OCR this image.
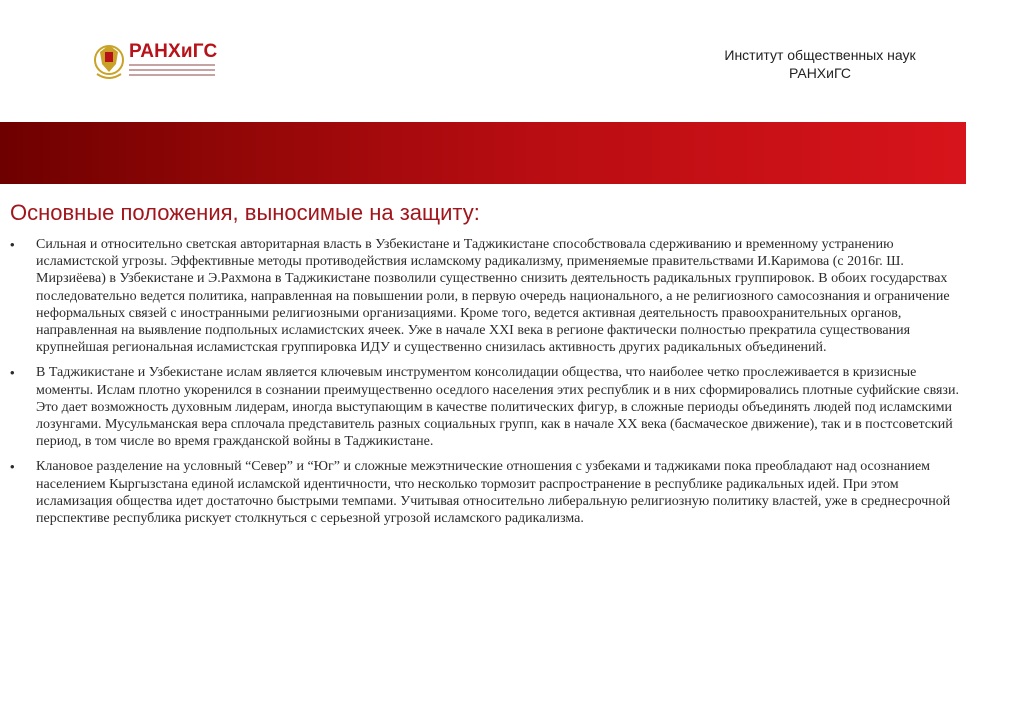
РАНХиГС	Институт общественных наук
РАНХиГС
Основные положения, выносимые на защиту:
• Сильная и относительно светская авторитарная власть в Узбекистане и Таджикистане способствовала сдерживанию и временному устранению исламистской угрозы. Эффективные методы противодействия исламскому радикализму, применяемые правительствами И.Каримова (с 2016г. Ш. Мирзиёева) в Узбекистане и Э.Рахмона в Таджикистане позволили существенно снизить деятельность радикальных группировок. В обоих государствах последовательно ведется политика, направленная на повышении роли, в первую очередь национального, а не религиозного самосознания и ограничение неформальных связей с иностранными религиозными организациями. Кроме того, ведется активная деятельность правоохранительных органов, направленная на выявление подпольных исламистских ячеек. Уже в начале XXI века в регионе фактически полностью прекратила существования крупнейшая региональная исламистская группировка ИДУ и существенно снизилась активность других радикальных объединений.
• В Таджикистане и Узбекистане ислам является ключевым инструментом консолидации общества, что наиболее четко прослеживается в кризисные моменты. Ислам плотно укоренился в сознании преимущественно оседлого населения этих республик и в них сформировались плотные суфийские связи. Это дает возможность духовным лидерам, иногда выступающим в качестве политических фигур, в сложные периоды объединять людей под исламскими лозунгами. Мусульманская вера сплочала представитель разных социальных групп, как в начале XX века (басмаческое движение), так и в постсоветский период, в том числе во время гражданской войны в Таджикистане.
• Клановое разделение на условный “Север” и “Юг” и сложные межэтнические отношения с узбеками и таджиками пока преобладают над осознанием населением Кыргызстана единой исламской идентичности, что несколько тормозит распространение в республике радикальных идей. При этом исламизация общества идет достаточно быстрыми темпами. Учитывая относительно либеральную религиозную политику властей, уже в среднесрочной перспективе республика рискует столкнуться с серьезной угрозой исламского радикализма.
